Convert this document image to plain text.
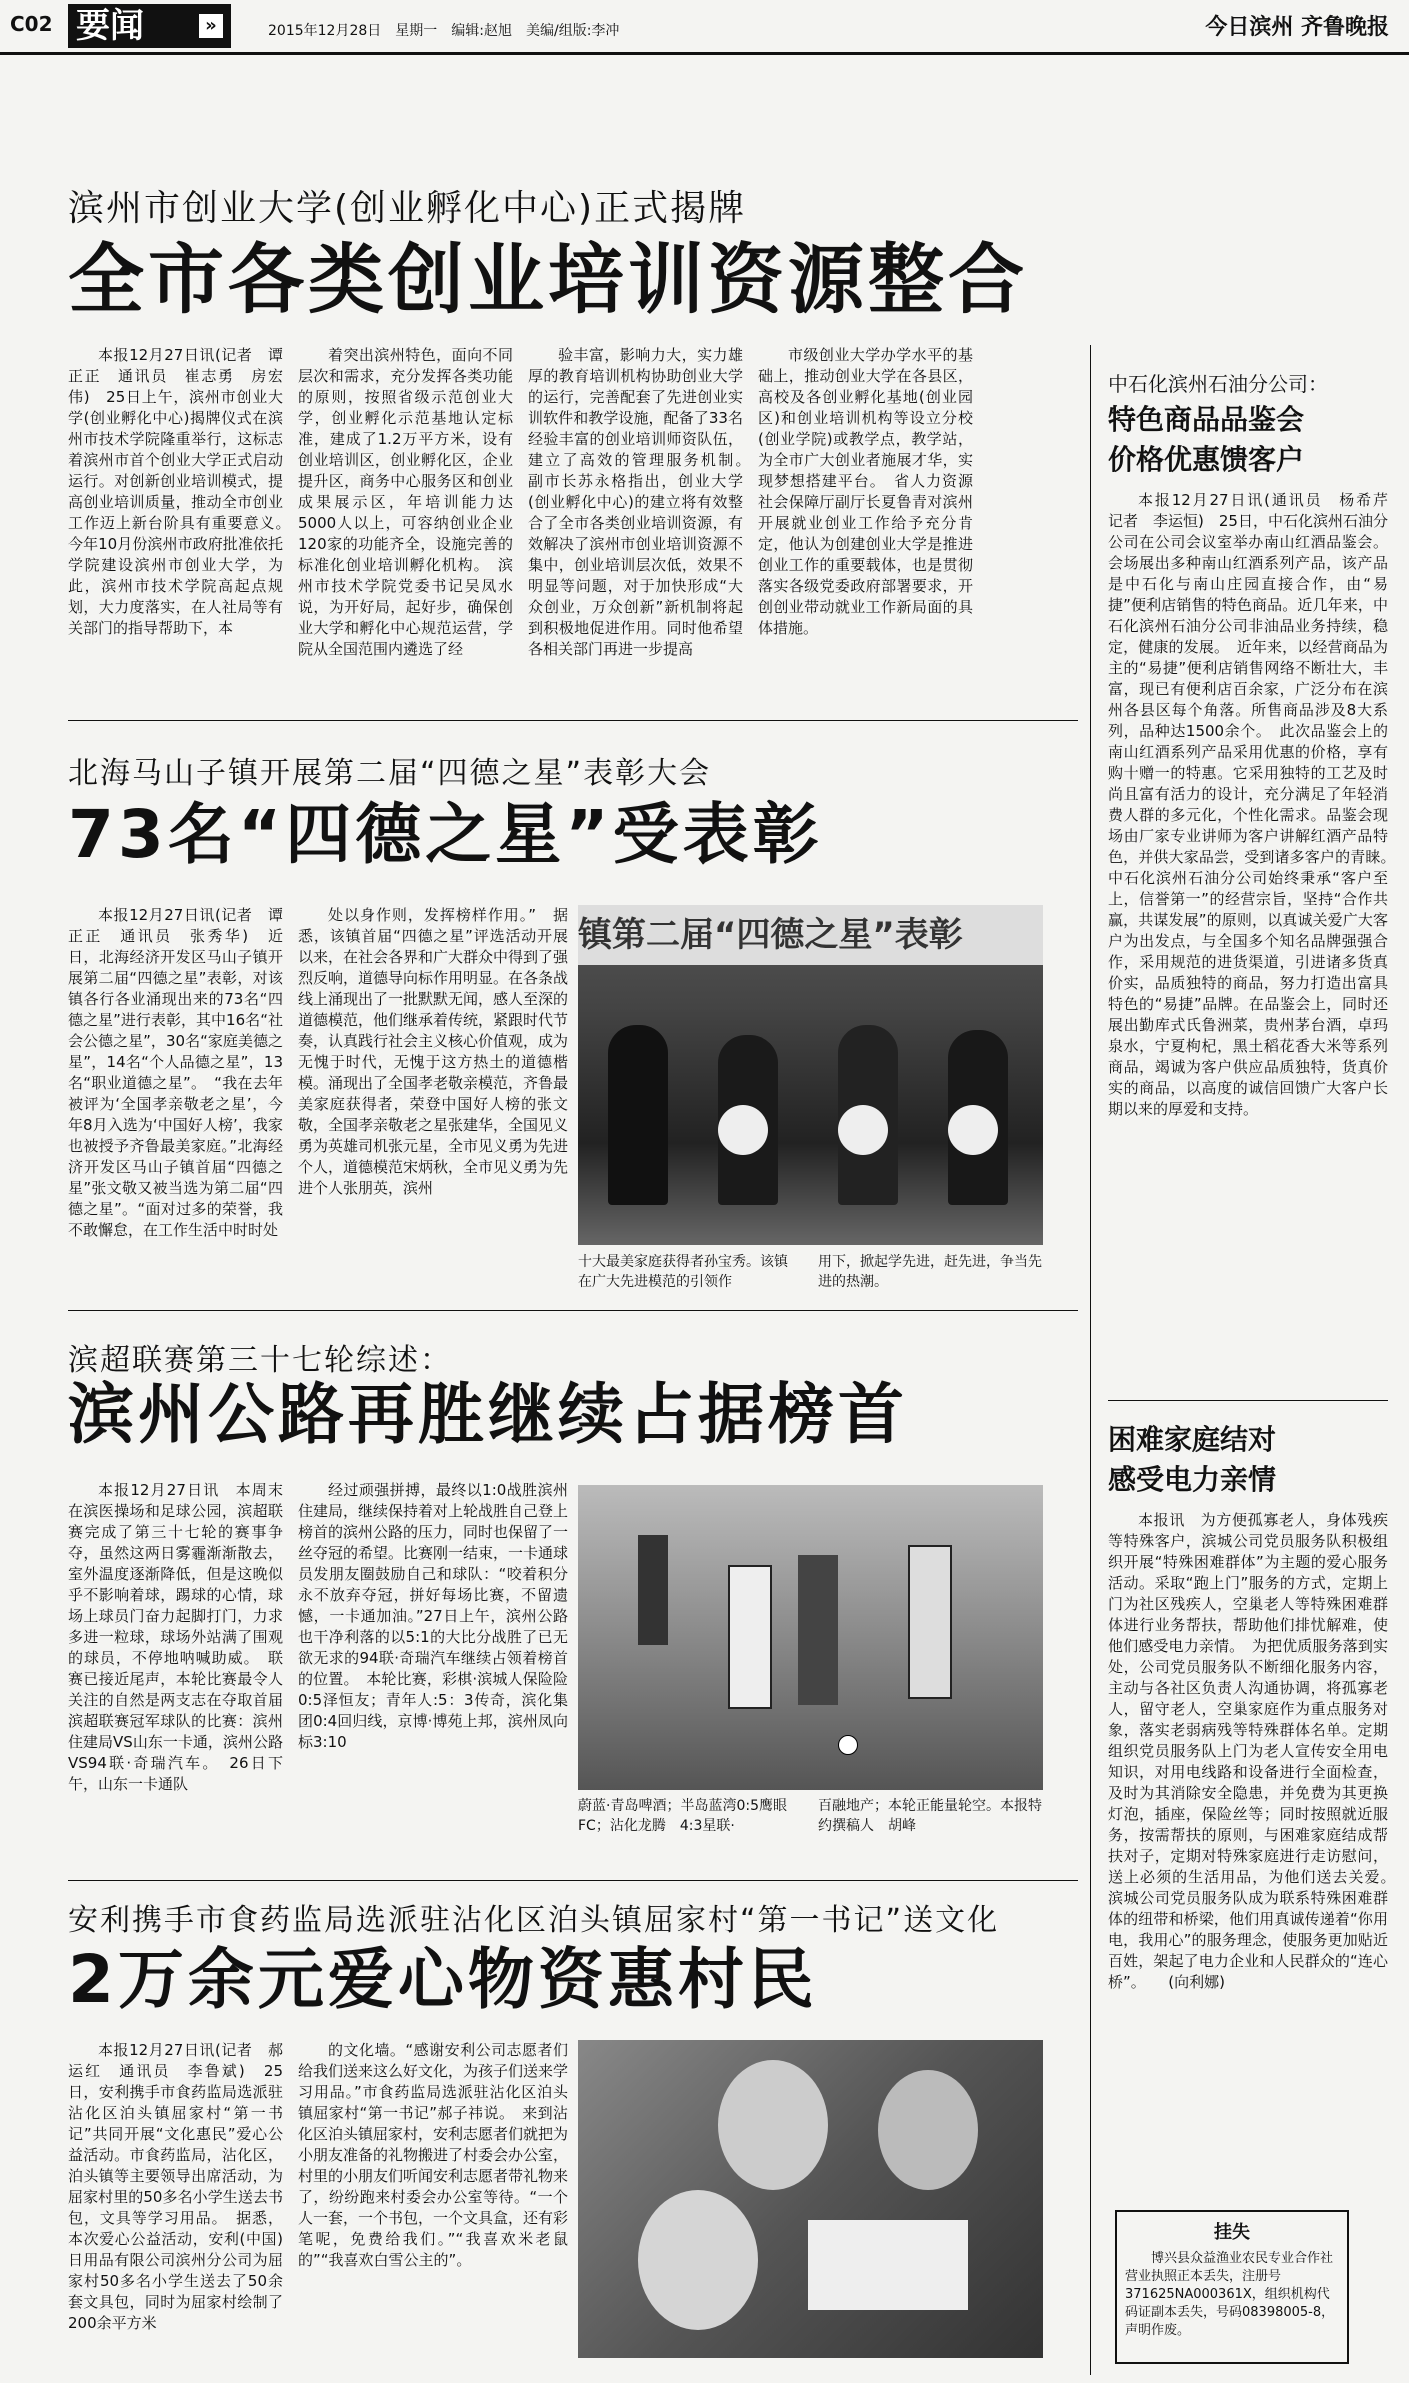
C02 要闻	»	2015年12月28日　星期一　编辑:赵旭　美编/组版:李冲	今日滨州 齐鲁晚报
滨州市创业大学(创业孵化中心)正式揭牌
全市各类创业培训资源整合

本报12月27日讯(记者　谭正正　通讯员　崔志勇　房宏伟)　25日上午，滨州市创业大学(创业孵化中心)揭牌仪式在滨州市技术学院隆重举行，这标志着滨州市首个创业大学正式启动运行。对创新创业培训模式，提高创业培训质量，推动全市创业工作迈上新台阶具有重要意义。　今年10月份滨州市政府批准依托学院建设滨州市创业大学，为此，滨州市技术学院高起点规划，大力度落实，在人社局等有关部门的指导帮助下，本

着突出滨州特色，面向不同层次和需求，充分发挥各类功能的原则，按照省级示范创业大学，创业孵化示范基地认定标准，建成了1.2万平方米，设有创业培训区，创业孵化区，企业提升区，商务中心服务区和创业成果展示区，年培训能力达5000人以上，可容纳创业企业120家的功能齐全，设施完善的标准化创业培训孵化机构。　滨州市技术学院党委书记吴凤水说，为开好局，起好步，确保创业大学和孵化中心规范运营，学院从全国范围内遴选了经

验丰富，影响力大，实力雄厚的教育培训机构协助创业大学的运行，完善配套了先进创业实训软件和教学设施，配备了33名经验丰富的创业培训师资队伍，建立了高效的管理服务机制。　副市长苏永格指出，创业大学(创业孵化中心)的建立将有效整合了全市各类创业培训资源，有效解决了滨州市创业培训资源不集中，创业培训层次低，效果不明显等问题，对于加快形成“大众创业，万众创新”新机制将起到积极地促进作用。同时他希望各相关部门再进一步提高

市级创业大学办学水平的基础上，推动创业大学在各县区，高校及各创业孵化基地(创业园区)和创业培训机构等设立分校(创业学院)或教学点，教学站，为全市广大创业者施展才华，实现梦想搭建平台。　省人力资源社会保障厅副厅长夏鲁青对滨州开展就业创业工作给予充分肯定，他认为创建创业大学是推进创业工作的重要载体，也是贯彻落实各级党委政府部署要求，开创创业带动就业工作新局面的具体措施。

北海马山子镇开展第二届“四德之星”表彰大会
73名“四德之星”受表彰

本报12月27日讯(记者　谭正正　通讯员　张秀华)　近日，北海经济开发区马山子镇开展第二届“四德之星”表彰，对该镇各行各业涌现出来的73名“四德之星”进行表彰，其中16名“社会公德之星”，30名“家庭美德之星”，14名“个人品德之星”，13名“职业道德之星”。　“我在去年被评为‘全国孝亲敬老之星’，今年8月入选为‘中国好人榜’，我家也被授予齐鲁最美家庭。”北海经济开发区马山子镇首届“四德之星”张文敬又被当选为第二届“四德之星”。“面对过多的荣誉，我不敢懈怠，在工作生活中时时处

处以身作则，发挥榜样作用。”　据悉，该镇首届“四德之星”评选活动开展以来，在社会各界和广大群众中得到了强烈反响，道德导向标作用明显。在各条战线上涌现出了一批默默无闻，感人至深的道德模范，他们继承着传统，紧跟时代节奏，认真践行社会主义核心价值观，成为无愧于时代，无愧于这方热土的道德楷模。涌现出了全国孝老敬亲模范，齐鲁最美家庭获得者，荣登中国好人榜的张文敬，全国孝亲敬老之星张建华，全国见义勇为英雄司机张元星，全市见义勇为先进个人，道德模范宋炳秋，全市见义勇为先进个人张朋英，滨州

镇第二届“四德之星”表彰
十大最美家庭获得者孙宝秀。该镇在广大先进模范的引领作
用下，掀起学先进，赶先进，争当先进的热潮。
滨超联赛第三十七轮综述：
滨州公路再胜继续占据榜首

本报12月27日讯　本周末在滨医操场和足球公园，滨超联赛完成了第三十七轮的赛事争夺，虽然这两日雾霾渐渐散去，室外温度逐渐降低，但是这晚似乎不影响着球，踢球的心情，球场上球员门奋力起脚打门，力求多进一粒球，球场外站满了围观的球员，不停地呐喊助威。　联赛已接近尾声，本轮比赛最令人关注的自然是两支志在夺取首届滨超联赛冠军球队的比赛：滨州住建局VS山东一卡通，滨州公路VS94联·奇瑞汽车。　26日下午，山东一卡通队

经过顽强拼搏，最终以1:0战胜滨州住建局，继续保持着对上轮战胜自己登上榜首的滨州公路的压力，同时也保留了一丝夺冠的希望。比赛刚一结束，一卡通球员发朋友圈鼓励自己和球队：“咬着积分永不放弃夺冠，拼好每场比赛，不留遗憾，一卡通加油。”27日上午，滨州公路也干净利落的以5:1的大比分战胜了已无欲无求的94联·奇瑞汽车继续占领着榜首的位置。　本轮比赛，彩棋·滨城人保险险0:5泽恒友；青年人:5：3传奇，滨化集团0:4回归线，京博·博苑上邦，滨州凤向标3:10

蔚蓝·青岛啤酒；半岛蓝湾0:5鹰眼FC；沾化龙腾　4:3星联·
百融地产；本轮正能量轮空。本报特约撰稿人　胡峰
安利携手市食药监局选派驻沾化区泊头镇屈家村“第一书记”送文化
2万余元爱心物资惠村民

本报12月27日讯(记者　郝运红　通讯员　李鲁斌)　25日，安利携手市食药监局选派驻沾化区泊头镇屈家村“第一书记”共同开展“文化惠民”爱心公益活动。市食药监局，沾化区，泊头镇等主要领导出席活动，为屈家村里的50多名小学生送去书包，文具等学习用品。　据悉，本次爱心公益活动，安利(中国)日用品有限公司滨州分公司为屈家村50多名小学生送去了50余套文具包，同时为屈家村绘制了200余平方米

的文化墙。“感谢安利公司志愿者们给我们送来这么好文化，为孩子们送来学习用品。”市食药监局选派驻沾化区泊头镇屈家村“第一书记”郝子祎说。　来到沾化区泊头镇屈家村，安利志愿者们就把为小朋友准备的礼物搬进了村委会办公室，村里的小朋友们听闻安利志愿者带礼物来了，纷纷跑来村委会办公室等待。“一个人一套，一个书包，一个文具盒，还有彩笔呢，免费给我们。”“我喜欢米老鼠的”“我喜欢白雪公主的”。

中石化滨州石油分公司：
特色商品品鉴会
价格优惠馈客户

本报12月27日讯(通讯员　杨希芹　记者　李运恒)　25日，中石化滨州石油分公司在公司会议室举办南山红酒品鉴会。会场展出多种南山红酒系列产品，该产品是中石化与南山庄园直接合作，由“易捷”便利店销售的特色商品。近几年来，中石化滨州石油分公司非油品业务持续，稳定，健康的发展。　近年来，以经营商品为主的“易捷”便利店销售网络不断壮大，丰富，现已有便利店百余家，广泛分布在滨州各县区每个角落。所售商品涉及8大系列，品种达1500余个。　此次品鉴会上的南山红酒系列产品采用优惠的价格，享有购十赠一的特惠。它采用独特的工艺及时尚且富有活力的设计，充分满足了年轻消费人群的多元化，个性化需求。品鉴会现场由厂家专业讲师为客户讲解红酒产品特色，并供大家品尝，受到诸多客户的青睐。　中石化滨州石油分公司始终秉承“客户至上，信誉第一”的经营宗旨，坚持“合作共赢，共谋发展”的原则，以真诚关爱广大客户为出发点，与全国多个知名品牌强强合作，采用规范的进货渠道，引进诸多货真价实，品质独特的商品，努力打造出富具特色的“易捷”品牌。在品鉴会上，同时还展出勤库式氏鲁洲菜，贵州茅台酒，卓玛泉水，宁夏枸杞，黑土稻花香大米等系列商品，竭诚为客户供应品质独特，货真价实的商品，以高度的诚信回馈广大客户长期以来的厚爱和支持。

困难家庭结对
感受电力亲情

本报讯　为方便孤寡老人，身体残疾等特殊客户，滨城公司党员服务队积极组织开展“特殊困难群体”为主题的爱心服务活动。采取“跑上门”服务的方式，定期上门为社区残疾人，空巢老人等特殊困难群体进行业务帮扶，帮助他们排忧解难，使他们感受电力亲情。　为把优质服务落到实处，公司党员服务队不断细化服务内容，主动与各社区负责人沟通协调，将孤寡老人，留守老人，空巢家庭作为重点服务对象，落实老弱病残等特殊群体名单。定期组织党员服务队上门为老人宣传安全用电知识，对用电线路和设备进行全面检查，及时为其消除安全隐患，并免费为其更换灯泡，插座，保险丝等；同时按照就近服务，按需帮扶的原则，与困难家庭结成帮扶对子，定期对特殊家庭进行走访慰问，送上必须的生活用品，为他们送去关爱。　滨城公司党员服务队成为联系特殊困难群体的纽带和桥梁，他们用真诚传递着“你用电，我用心”的服务理念，使服务更加贴近百姓，架起了电力企业和人民群众的“连心桥”。　　(向利娜)

挂失
博兴县众益渔业农民专业合作社营业执照正本丢失，注册号371625NA000361X，组织机构代码证副本丢失，号码08398005-8，声明作废。
